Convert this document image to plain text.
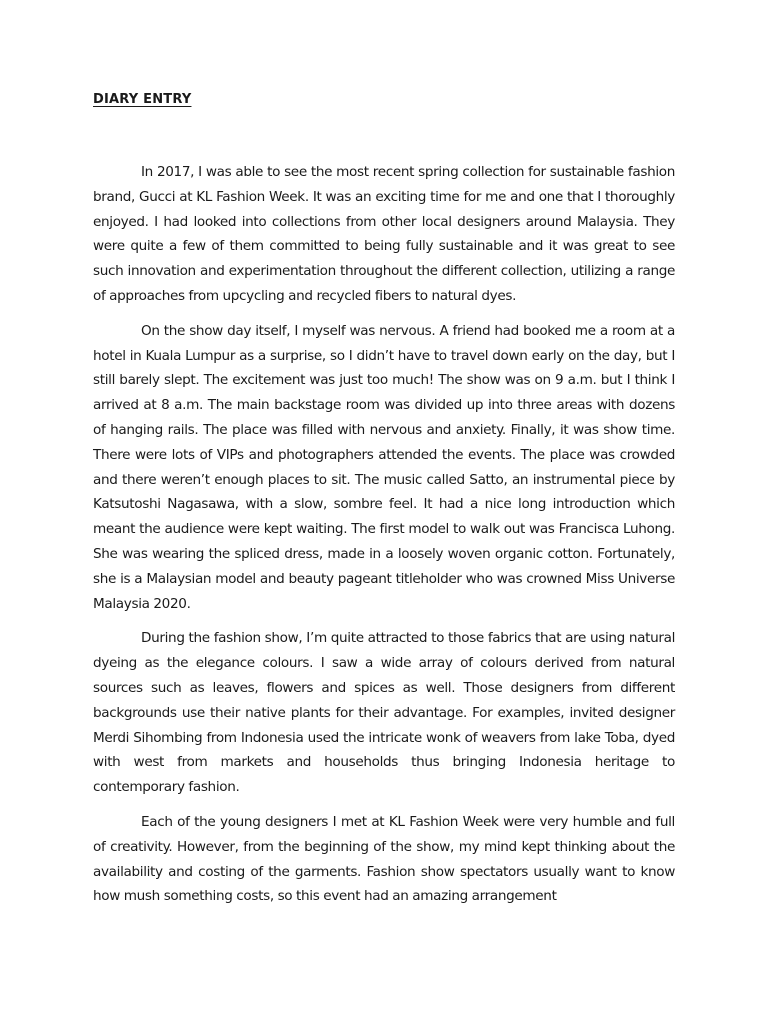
DIARY ENTRY

In 2017, I was able to see the most recent spring collection for sustainable fashion brand, Gucci at KL Fashion Week. It was an exciting time for me and one that I thoroughly enjoyed. I had looked into collections from other local designers around Malaysia. They were quite a few of them committed to being fully sustainable and it was great to see such innovation and experimentation throughout the different collection, utilizing a range of approaches from upcycling and recycled fibers to natural dyes.

On the show day itself, I myself was nervous. A friend had booked me a room at a hotel in Kuala Lumpur as a surprise, so I didn’t have to travel down early on the day, but I still barely slept. The excitement was just too much! The show was on 9 a.m. but I think I arrived at 8 a.m. The main backstage room was divided up into three areas with dozens of hanging rails. The place was filled with nervous and anxiety. Finally, it was show time. There were lots of VIPs and photographers attended the events. The place was crowded and there weren’t enough places to sit. The music called Satto, an instrumental piece by Katsutoshi Nagasawa, with a slow, sombre feel. It had a nice long introduction which meant the audience were kept waiting. The first model to walk out was Francisca Luhong. She was wearing the spliced dress, made in a loosely woven organic cotton. Fortunately, she is a Malaysian model and beauty pageant titleholder who was crowned Miss Universe Malaysia 2020.

During the fashion show, I’m quite attracted to those fabrics that are using natural dyeing as the elegance colours. I saw a wide array of colours derived from natural sources such as leaves, flowers and spices as well. Those designers from different backgrounds use their native plants for their advantage. For examples, invited designer Merdi Sihombing from Indonesia used the intricate wonk of weavers from lake Toba, dyed with west from markets and households thus bringing Indonesia heritage to contemporary fashion.

Each of the young designers I met at KL Fashion Week were very humble and full of creativity. However, from the beginning of the show, my mind kept thinking about the availability and costing of the garments. Fashion show spectators usually want to know how mush something costs, so this event had an amazing arrangement
